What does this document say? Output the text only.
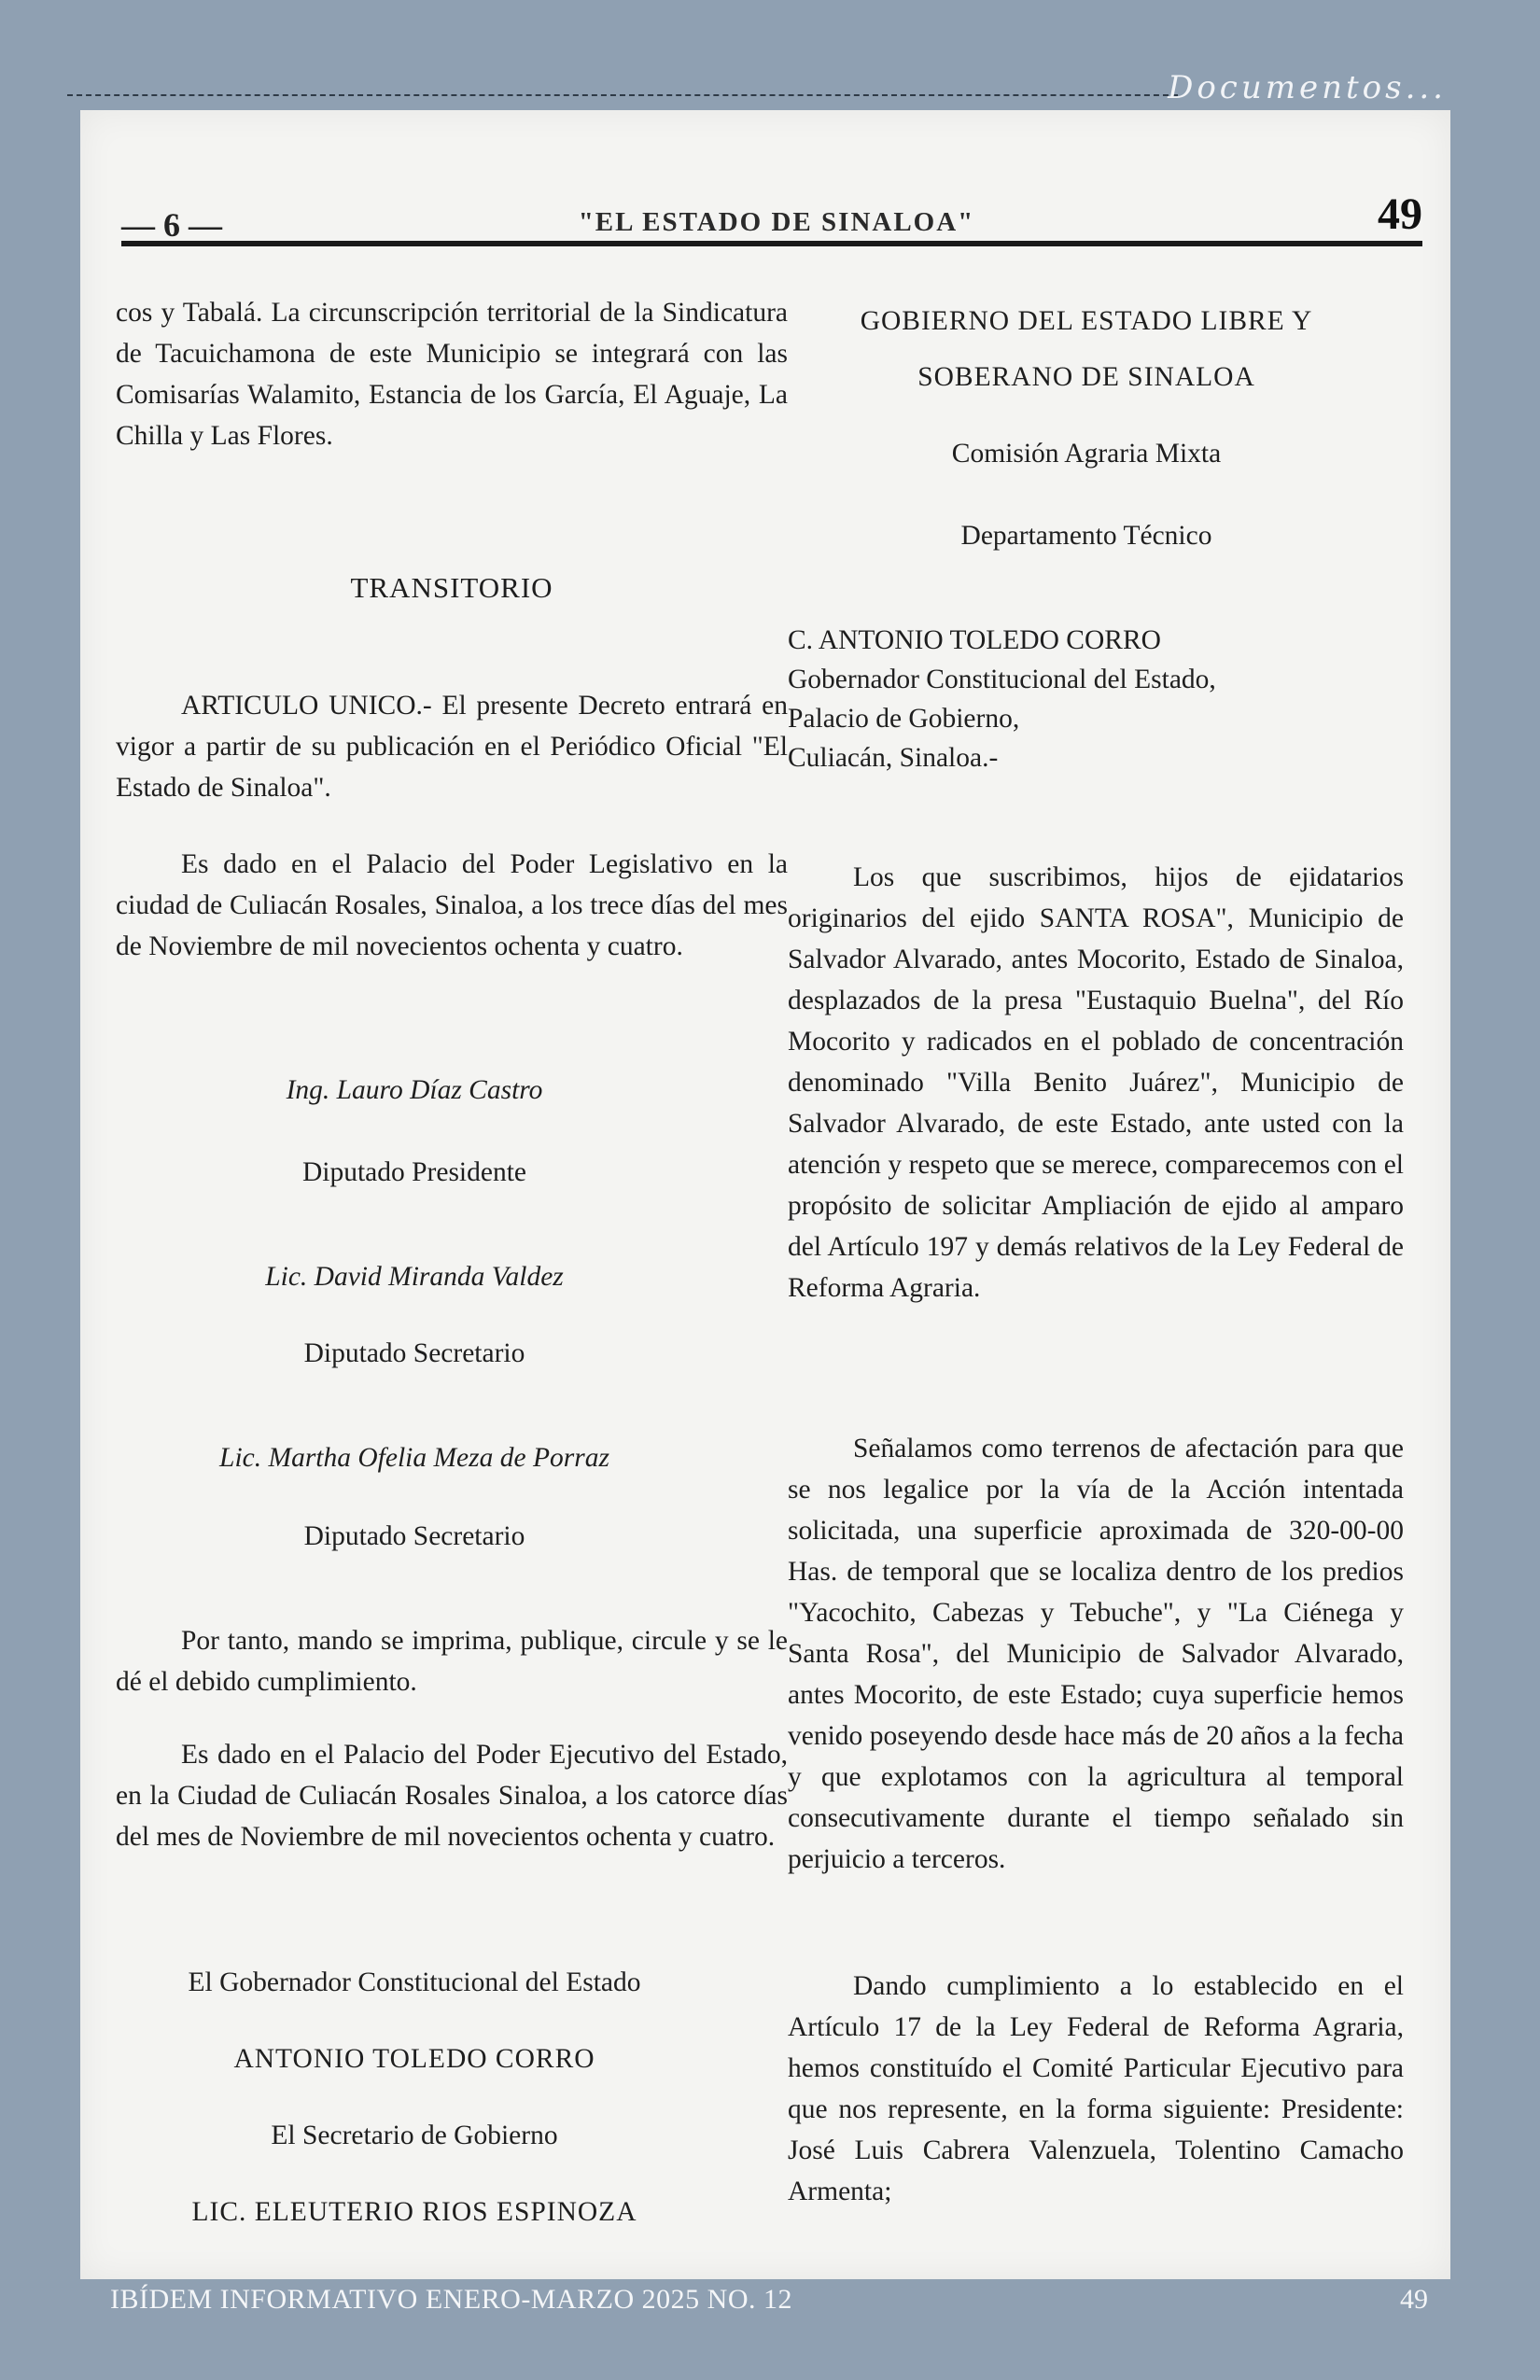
Documentos...
— 6 —	"EL ESTADO DE SINALOA"	49

cos y Tabalá. La circunscripción territorial de la Sindicatura de Tacuichamona de este Municipio se integrará con las Comisarías Walamito, Estancia de los García, El Aguaje, La Chilla y Las Flores.

TRANSITORIO

ARTICULO UNICO.- El presente Decreto entrará en vigor a partir de su publicación en el Periódico Oficial "El Estado de Sinaloa".

Es dado en el Palacio del Poder Legislativo en la ciudad de Culiacán Rosales, Sinaloa, a los trece días del mes de Noviembre de mil novecientos ochenta y cuatro.

Ing. Lauro Díaz Castro

Diputado Presidente

Lic. David Miranda Valdez

Diputado Secretario

Lic. Martha Ofelia Meza de Porraz

Diputado Secretario

Por tanto, mando se imprima, publique, circule y se le dé el debido cumplimiento.

Es dado en el Palacio del Poder Ejecutivo del Estado, en la Ciudad de Culiacán Rosales Sinaloa, a los catorce días del mes de Noviembre de mil novecientos ochenta y cuatro.

El Gobernador Constitucional del Estado

ANTONIO TOLEDO CORRO

El Secretario de Gobierno

LIC. ELEUTERIO RIOS ESPINOZA

GOBIERNO DEL ESTADO LIBRE Y SOBERANO DE SINALOA

Comisión Agraria Mixta

Departamento Técnico

C. ANTONIO TOLEDO CORRO

Gobernador Constitucional del Estado,

Palacio de Gobierno,

Culiacán, Sinaloa.-

Los que suscribimos, hijos de ejidatarios originarios del ejido SANTA ROSA", Municipio de Salvador Alvarado, antes Mocorito, Estado de Sinaloa, desplazados de la presa "Eustaquio Buelna", del Río Mocorito y radicados en el poblado de concentración denominado "Villa Benito Juárez", Municipio de Salvador Alvarado, de este Estado, ante usted con la atención y respeto que se merece, comparecemos con el propósito de solicitar Ampliación de ejido al amparo del Artículo 197 y demás relativos de la Ley Federal de Reforma Agraria.

Señalamos como terrenos de afectación para que se nos legalice por la vía de la Acción intentada solicitada, una superficie aproximada de 320-00-00 Has. de temporal que se localiza dentro de los predios "Yacochito, Cabezas y Tebuche", y "La Ciénega y Santa Rosa", del Municipio de Salvador Alvarado, antes Mocorito, de este Estado; cuya superficie hemos venido poseyendo desde hace más de 20 años a la fecha y que explotamos con la agricultura al temporal consecutivamente durante el tiempo señalado sin perjuicio a terceros.

Dando cumplimiento a lo establecido en el Artículo 17 de la Ley Federal de Reforma Agraria, hemos constituído el Comité Particular Ejecutivo para que nos represente, en la forma siguiente: Presidente: José Luis Cabrera Valenzuela, Tolentino Camacho Armenta;

IBÍDEM INFORMATIVO ENERO-MARZO 2025 NO. 12	49
